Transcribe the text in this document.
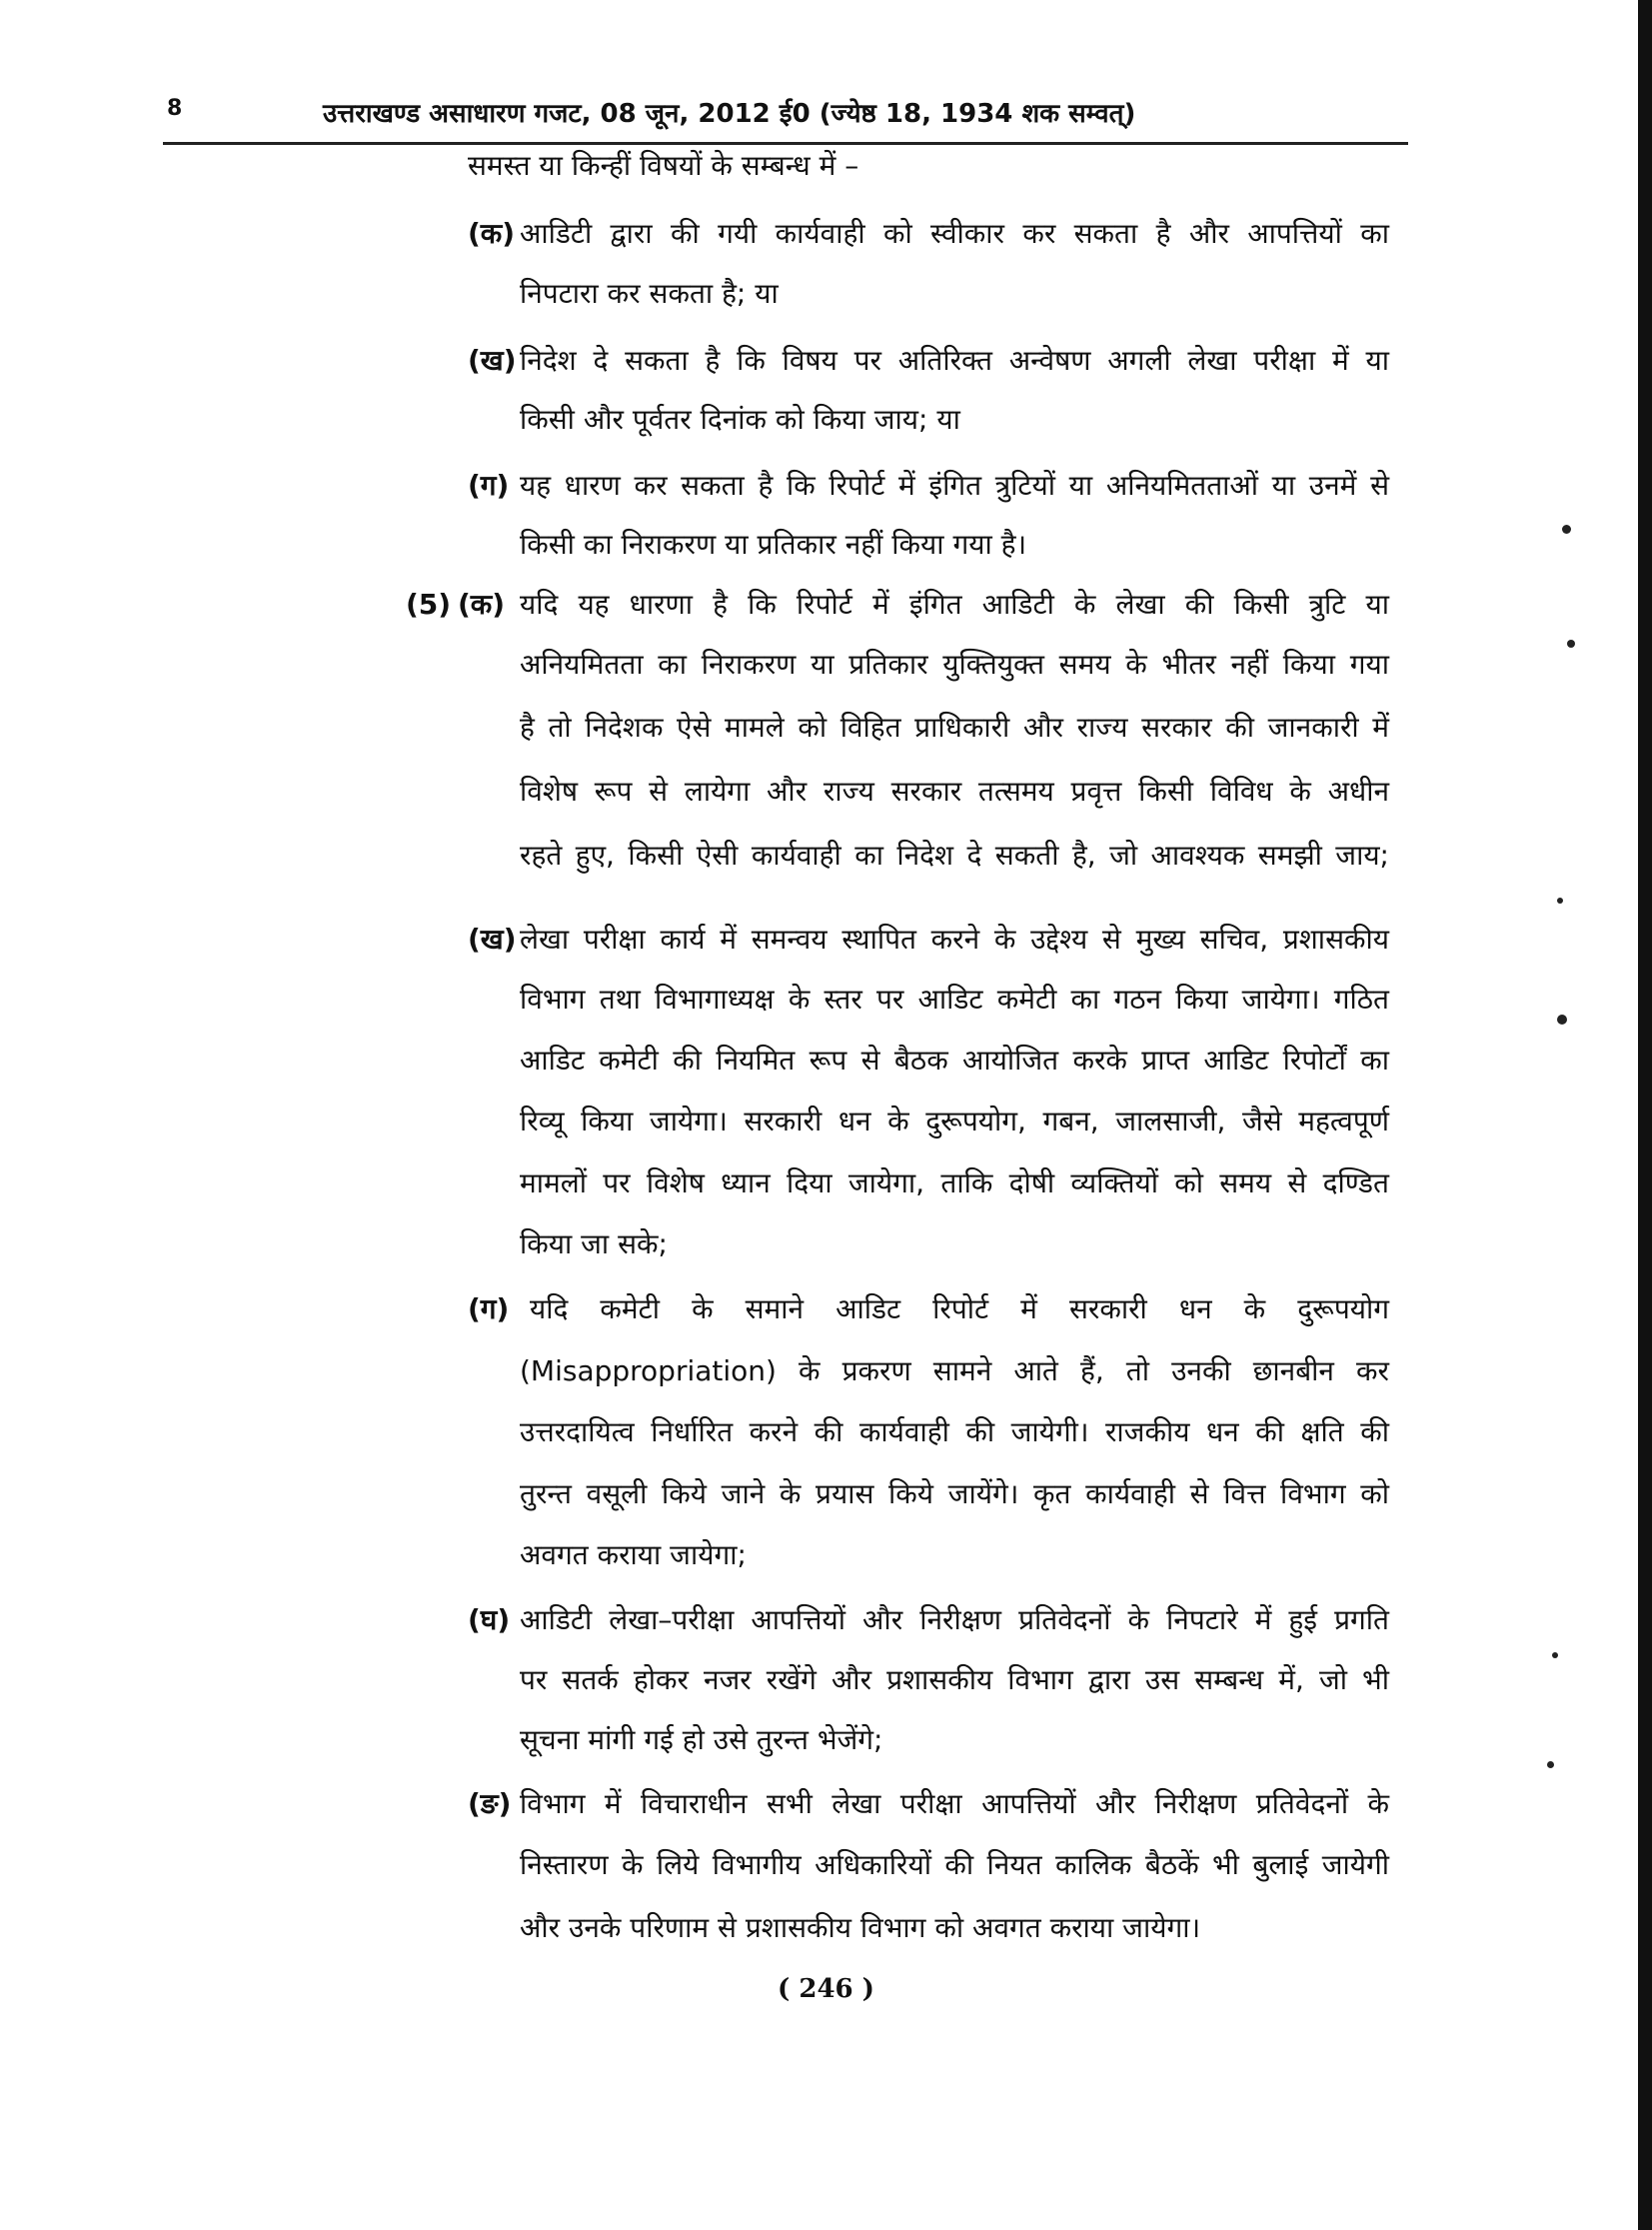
8	उत्तराखण्ड असाधारण गजट, 08 जून, 2012 ई0 (ज्येष्ठ 18, 1934 शक सम्वत्)
समस्त या किन्हीं विषयों के सम्बन्ध में –
(क) आडिटी द्वारा की गयी कार्यवाही को स्वीकार कर सकता है और आपत्तियों का
निपटारा कर सकता है; या
(ख) निदेश दे सकता है कि विषय पर अतिरिक्त अन्वेषण अगली लेखा परीक्षा में या
किसी और पूर्वतर दिनांक को किया जाय; या
(ग) यह धारण कर सकता है कि रिपोर्ट में इंगित त्रुटियों या अनियमितताओं या उनमें से
किसी का निराकरण या प्रतिकार नहीं किया गया है।
(5) (क) यदि यह धारणा है कि रिपोर्ट में इंगित आडिटी के लेखा की किसी त्रुटि या
अनियमितता का निराकरण या प्रतिकार युक्तियुक्त समय के भीतर नहीं किया गया
है तो निदेशक ऐसे मामले को विहित प्राधिकारी और राज्य सरकार की जानकारी में
विशेष रूप से लायेगा और राज्य सरकार तत्समय प्रवृत्त किसी विविध के अधीन
रहते हुए, किसी ऐसी कार्यवाही का निदेश दे सकती है, जो आवश्यक समझी जाय;
(ख) लेखा परीक्षा कार्य में समन्वय स्थापित करने के उद्देश्य से मुख्य सचिव, प्रशासकीय
विभाग तथा विभागाध्यक्ष के स्तर पर आडिट कमेटी का गठन किया जायेगा। गठित
आडिट कमेटी की नियमित रूप से बैठक आयोजित करके प्राप्त आडिट रिपोर्टों का
रिव्यू किया जायेगा। सरकारी धन के दुरूपयोग, गबन, जालसाजी, जैसे महत्वपूर्ण
मामलों पर विशेष ध्यान दिया जायेगा, ताकि दोषी व्यक्तियों को समय से दण्डित
किया जा सके;
(ग) यदि कमेटी के समाने आडिट रिपोर्ट में सरकारी धन के दुरूपयोग
(Misappropriation) के प्रकरण सामने आते हैं, तो उनकी छानबीन कर
उत्तरदायित्व निर्धारित करने की कार्यवाही की जायेगी। राजकीय धन की क्षति की
तुरन्त वसूली किये जाने के प्रयास किये जायेंगे। कृत कार्यवाही से वित्त विभाग को
अवगत कराया जायेगा;
(घ) आडिटी लेखा–परीक्षा आपत्तियों और निरीक्षण प्रतिवेदनों के निपटारे में हुई प्रगति
पर सतर्क होकर नजर रखेंगे और प्रशासकीय विभाग द्वारा उस सम्बन्ध में, जो भी
सूचना मांगी गई हो उसे तुरन्त भेजेंगे;
(ङ) विभाग में विचाराधीन सभी लेखा परीक्षा आपत्तियों और निरीक्षण प्रतिवेदनों के
निस्तारण के लिये विभागीय अधिकारियों की नियत कालिक बैठकें भी बुलाई जायेगी
और उनके परिणाम से प्रशासकीय विभाग को अवगत कराया जायेगा।
( 246 )
